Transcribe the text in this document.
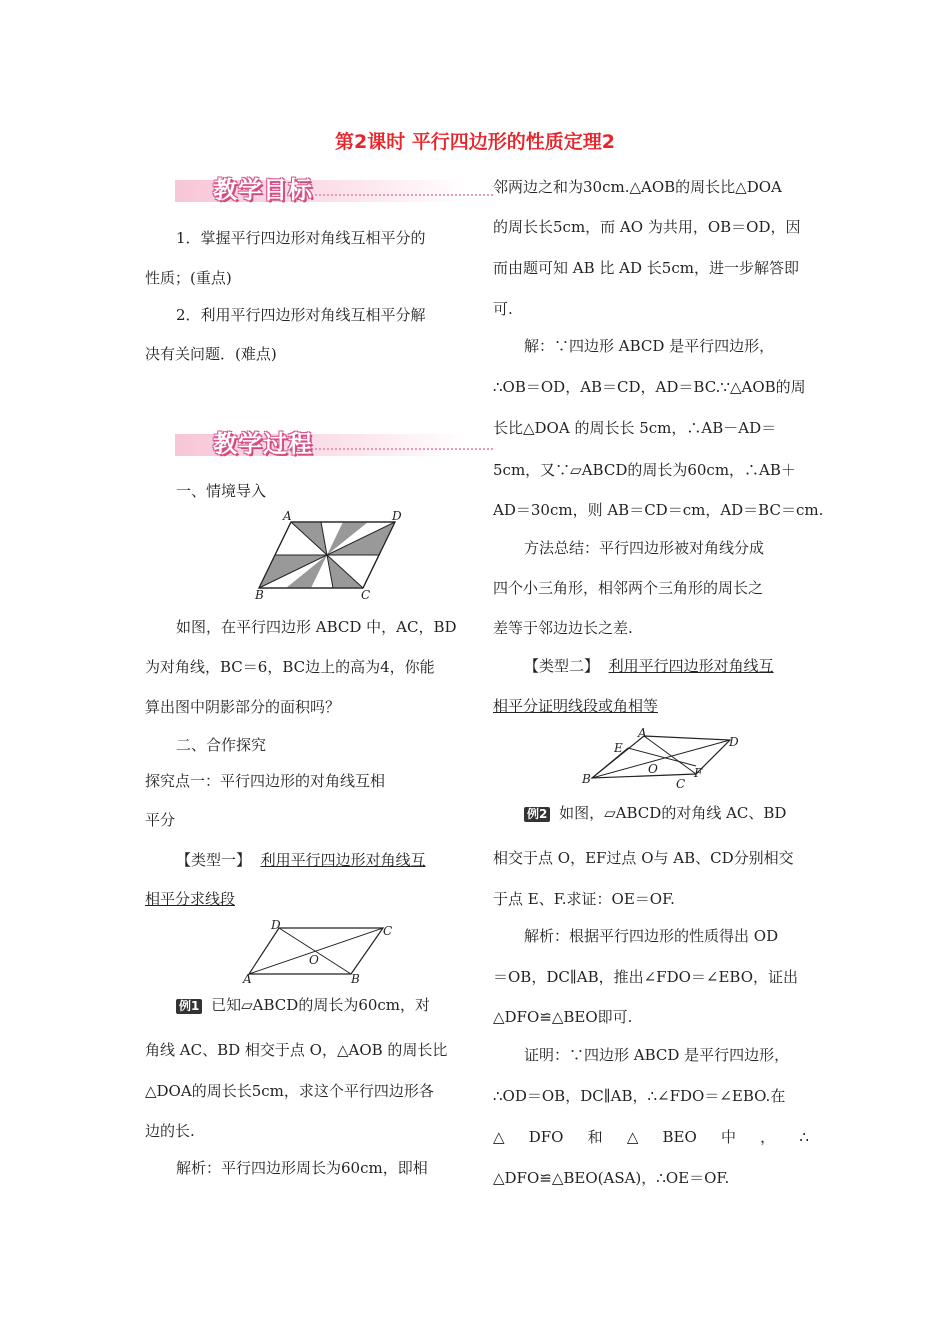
第2课时 平行四边形的性质定理2
教学目标
1．掌握平行四边形对角线互相平分的
性质；(重点)
2．利用平行四边形对角线互相平分解
决有关问题．(难点)
教学过程
一、情境导入
A	D
B	C
如图，在平行四边形 ABCD 中，AC，BD
为对角线，BC＝6，BC边上的高为4，你能
算出图中阴影部分的面积吗？
二、合作探究
探究点一：平行四边形的对角线互相
平分
【类型一】 利用平行四边形对角线互
相平分求线段
D	C
O
A	B
例1 已知▱ABCD的周长为60cm，对
角线 AC、BD 相交于点 O，△AOB 的周长比
△DOA的周长长5cm，求这个平行四边形各
边的长.
解析：平行四边形周长为60cm，即相
邻两边之和为30cm.△AOB的周长比△DOA
的周长长5cm，而 AO 为共用，OB＝OD，因
而由题可知 AB 比 AD 长5cm，进一步解答即
可.
解：∵四边形 ABCD 是平行四边形，
∴OB＝OD，AB＝CD，AD＝BC.∵△AOB的周
长比△DOA 的周长长 5cm，∴AB－AD＝
5cm，又∵▱ABCD的周长为60cm，∴AB＋
AD＝30cm，则 AB＝CD＝cm，AD＝BC＝cm.
方法总结：平行四边形被对角线分成
四个小三角形，相邻两个三角形的周长之
差等于邻边边长之差.
【类型二】 利用平行四边形对角线互
相平分证明线段或角相等
A
D
E
O	F
B	C
例2 如图，▱ABCD的对角线 AC、BD
相交于点 O，EF过点 O与 AB、CD分别相交
于点 E、F.求证：OE＝OF.
解析：根据平行四边形的性质得出 OD
＝OB，DC∥AB，推出∠FDO＝∠EBO，证出
△DFO≌△BEO即可.
证明：∵四边形 ABCD 是平行四边形，
∴OD＝OB，DC∥AB，∴∠FDO＝∠EBO.在
△ DFO 和 △ BEO 中 ， ∴
△DFO≌△BEO(ASA)，∴OE＝OF.
